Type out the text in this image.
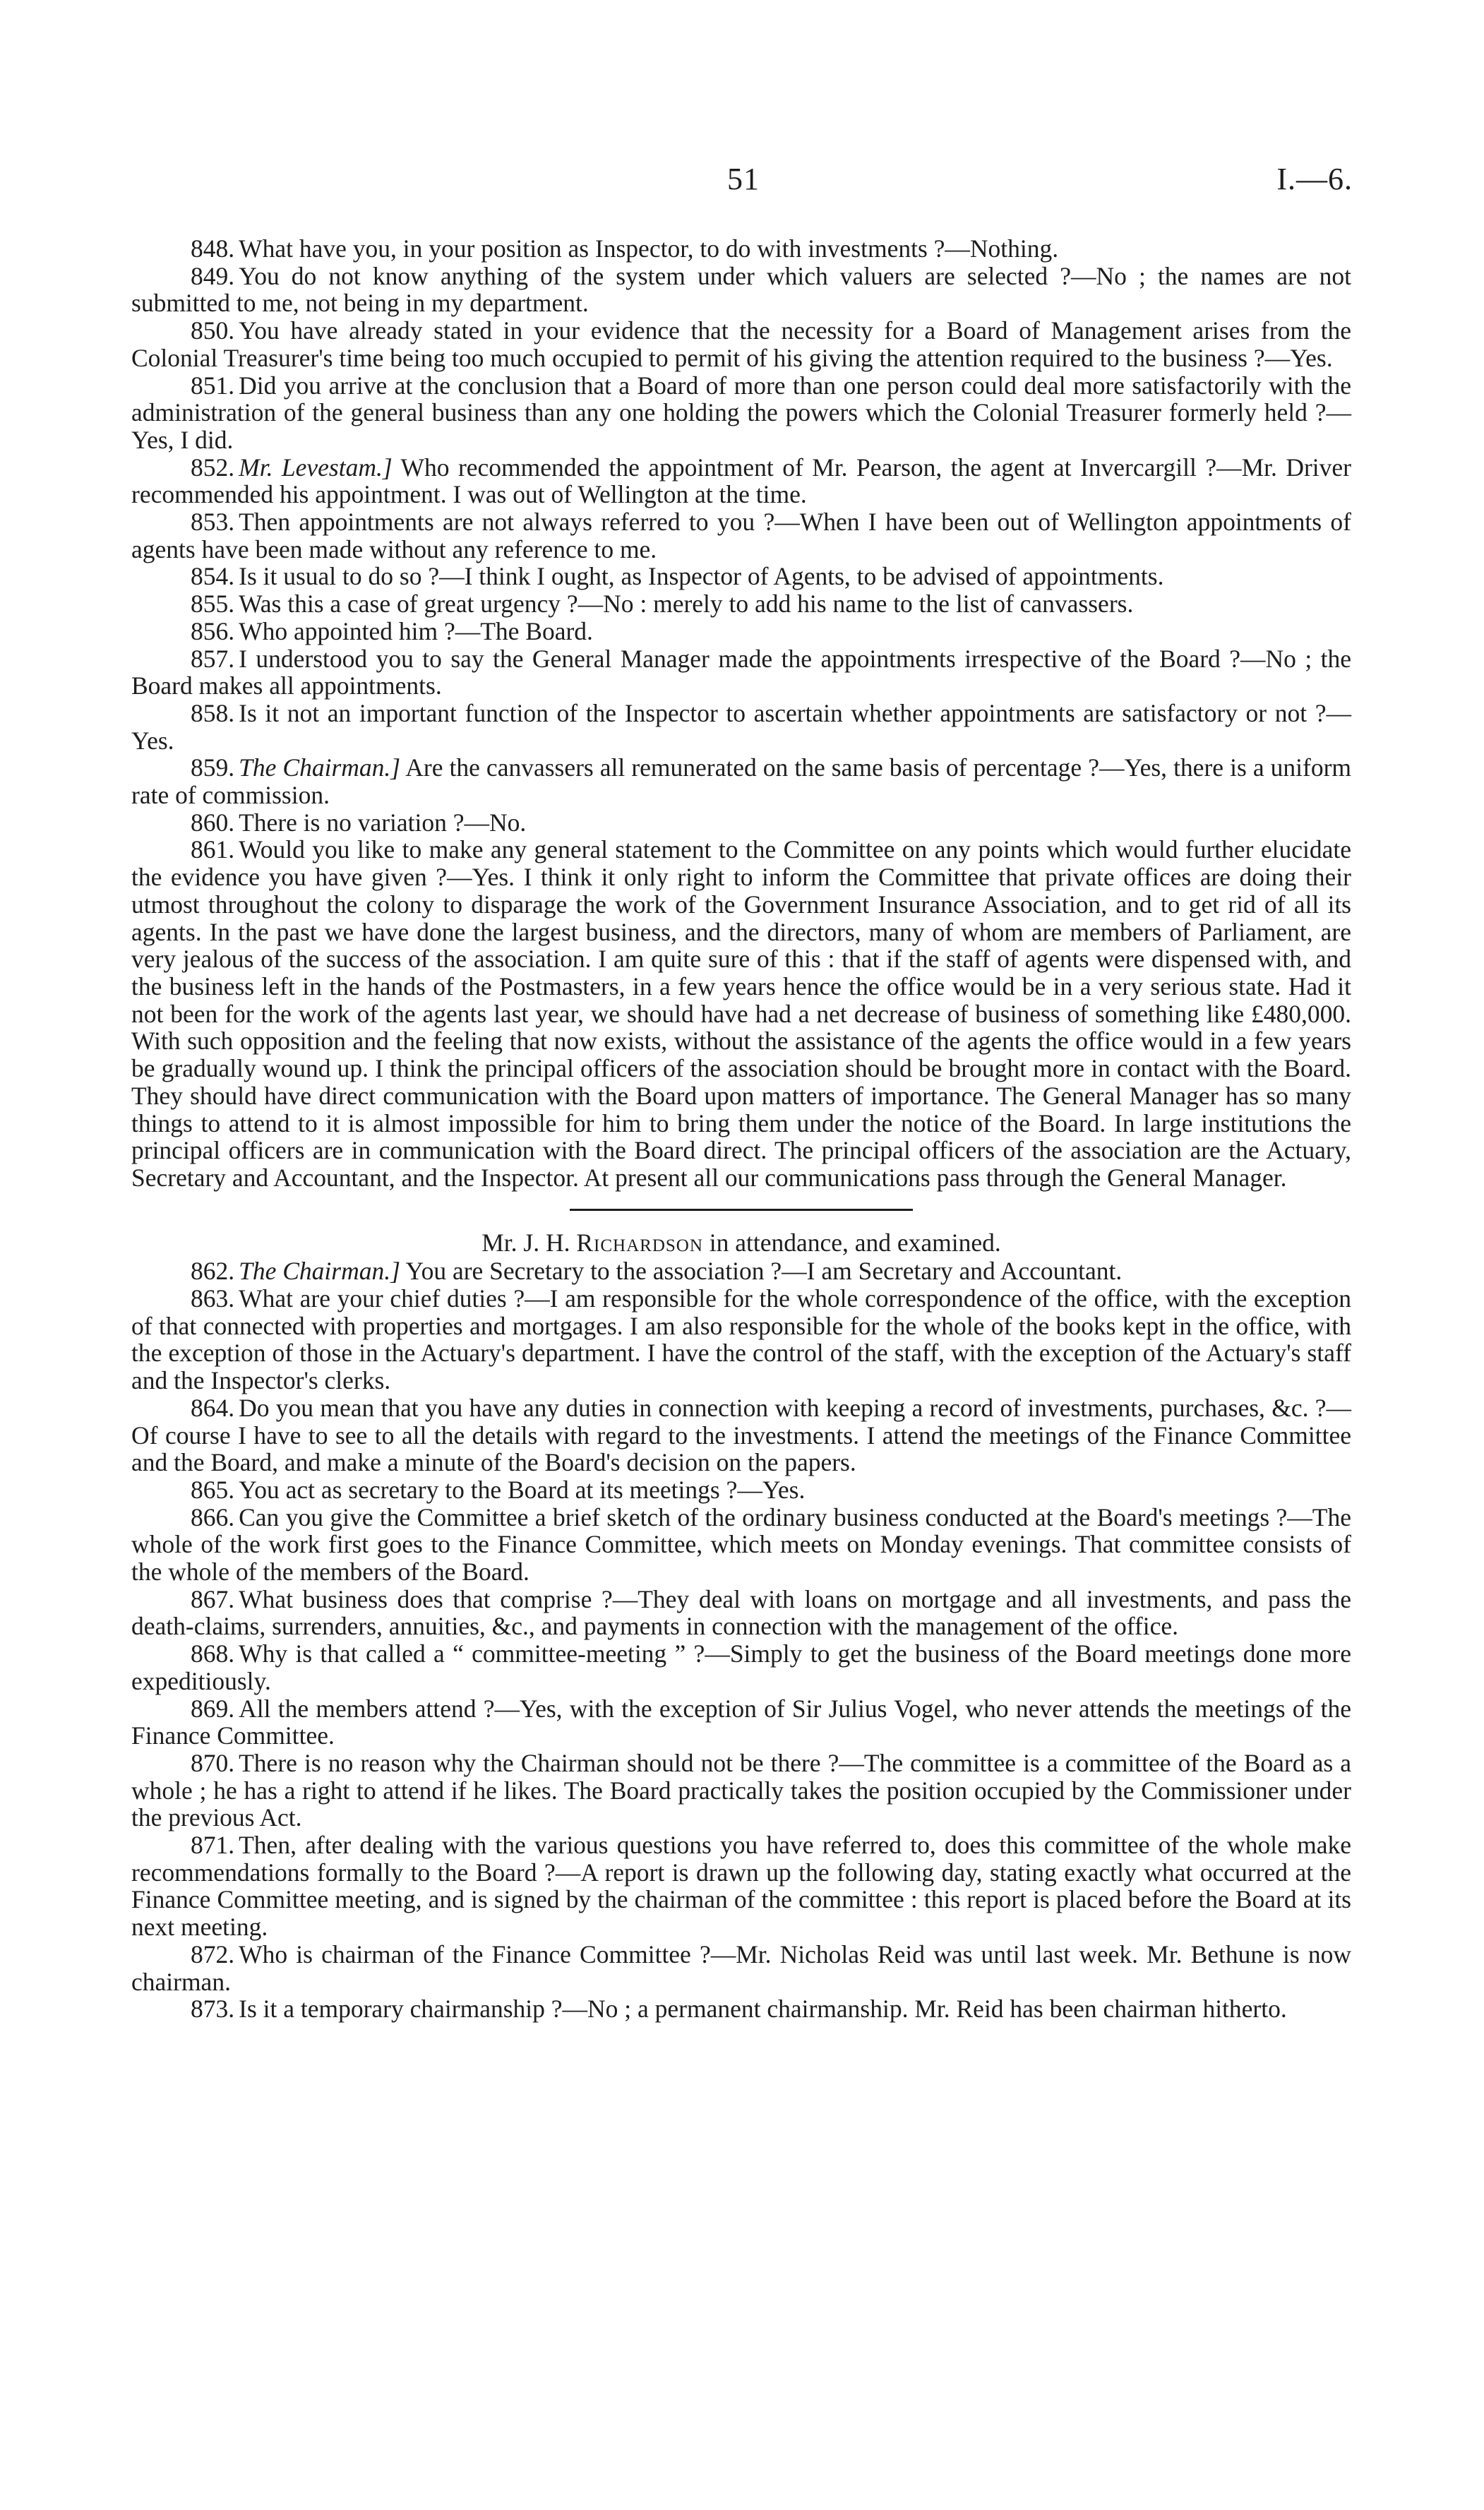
51	I.—6.

848. What have you, in your position as Inspector, to do with investments ?—Nothing.

849. You do not know anything of the system under which valuers are selected ?—No ; the names are not submitted to me, not being in my department.

850. You have already stated in your evidence that the necessity for a Board of Management arises from the Colonial Treasurer's time being too much occupied to permit of his giving the attention required to the business ?—Yes.

851. Did you arrive at the conclusion that a Board of more than one person could deal more satisfactorily with the administration of the general business than any one holding the powers which the Colonial Treasurer formerly held ?—Yes, I did.

852. Mr. Levestam.] Who recommended the appointment of Mr. Pearson, the agent at Invercargill ?—Mr. Driver recommended his appointment. I was out of Wellington at the time.

853. Then appointments are not always referred to you ?—When I have been out of Wellington appointments of agents have been made without any reference to me.

854. Is it usual to do so ?—I think I ought, as Inspector of Agents, to be advised of appointments.

855. Was this a case of great urgency ?—No : merely to add his name to the list of canvassers.

856. Who appointed him ?—The Board.

857. I understood you to say the General Manager made the appointments irrespective of the Board ?—No ; the Board makes all appointments.

858. Is it not an important function of the Inspector to ascertain whether appointments are satisfactory or not ?—Yes.

859. The Chairman.] Are the canvassers all remunerated on the same basis of percentage ?—Yes, there is a uniform rate of commission.

860. There is no variation ?—No.

861. Would you like to make any general statement to the Committee on any points which would further elucidate the evidence you have given ?—Yes. I think it only right to inform the Committee that private offices are doing their utmost throughout the colony to disparage the work of the Government Insurance Association, and to get rid of all its agents. In the past we have done the largest business, and the directors, many of whom are members of Parliament, are very jealous of the success of the association. I am quite sure of this : that if the staff of agents were dispensed with, and the business left in the hands of the Postmasters, in a few years hence the office would be in a very serious state. Had it not been for the work of the agents last year, we should have had a net decrease of business of something like £480,000. With such opposition and the feeling that now exists, without the assistance of the agents the office would in a few years be gradually wound up. I think the principal officers of the association should be brought more in contact with the Board. They should have direct communication with the Board upon matters of importance. The General Manager has so many things to attend to it is almost impossible for him to bring them under the notice of the Board. In large institutions the principal officers are in communication with the Board direct. The principal officers of the association are the Actuary, Secretary and Accountant, and the Inspector. At present all our communications pass through the General Manager.

Mr. J. H. Richardson in attendance, and examined.

862. The Chairman.] You are Secretary to the association ?—I am Secretary and Accountant.

863. What are your chief duties ?—I am responsible for the whole correspondence of the office, with the exception of that connected with properties and mortgages. I am also responsible for the whole of the books kept in the office, with the exception of those in the Actuary's department. I have the control of the staff, with the exception of the Actuary's staff and the Inspector's clerks.

864. Do you mean that you have any duties in connection with keeping a record of investments, purchases, &c. ?—Of course I have to see to all the details with regard to the investments. I attend the meetings of the Finance Committee and the Board, and make a minute of the Board's decision on the papers.

865. You act as secretary to the Board at its meetings ?—Yes.

866. Can you give the Committee a brief sketch of the ordinary business conducted at the Board's meetings ?—The whole of the work first goes to the Finance Committee, which meets on Monday evenings. That committee consists of the whole of the members of the Board.

867. What business does that comprise ?—They deal with loans on mortgage and all investments, and pass the death-claims, surrenders, annuities, &c., and payments in connection with the management of the office.

868. Why is that called a “ committee-meeting ” ?—Simply to get the business of the Board meetings done more expeditiously.

869. All the members attend ?—Yes, with the exception of Sir Julius Vogel, who never attends the meetings of the Finance Committee.

870. There is no reason why the Chairman should not be there ?—The committee is a committee of the Board as a whole ; he has a right to attend if he likes. The Board practically takes the position occupied by the Commissioner under the previous Act.

871. Then, after dealing with the various questions you have referred to, does this committee of the whole make recommendations formally to the Board ?—A report is drawn up the following day, stating exactly what occurred at the Finance Committee meeting, and is signed by the chairman of the committee : this report is placed before the Board at its next meeting.

872. Who is chairman of the Finance Committee ?—Mr. Nicholas Reid was until last week. Mr. Bethune is now chairman.

873. Is it a temporary chairmanship ?—No ; a permanent chairmanship. Mr. Reid has been chairman hitherto.
